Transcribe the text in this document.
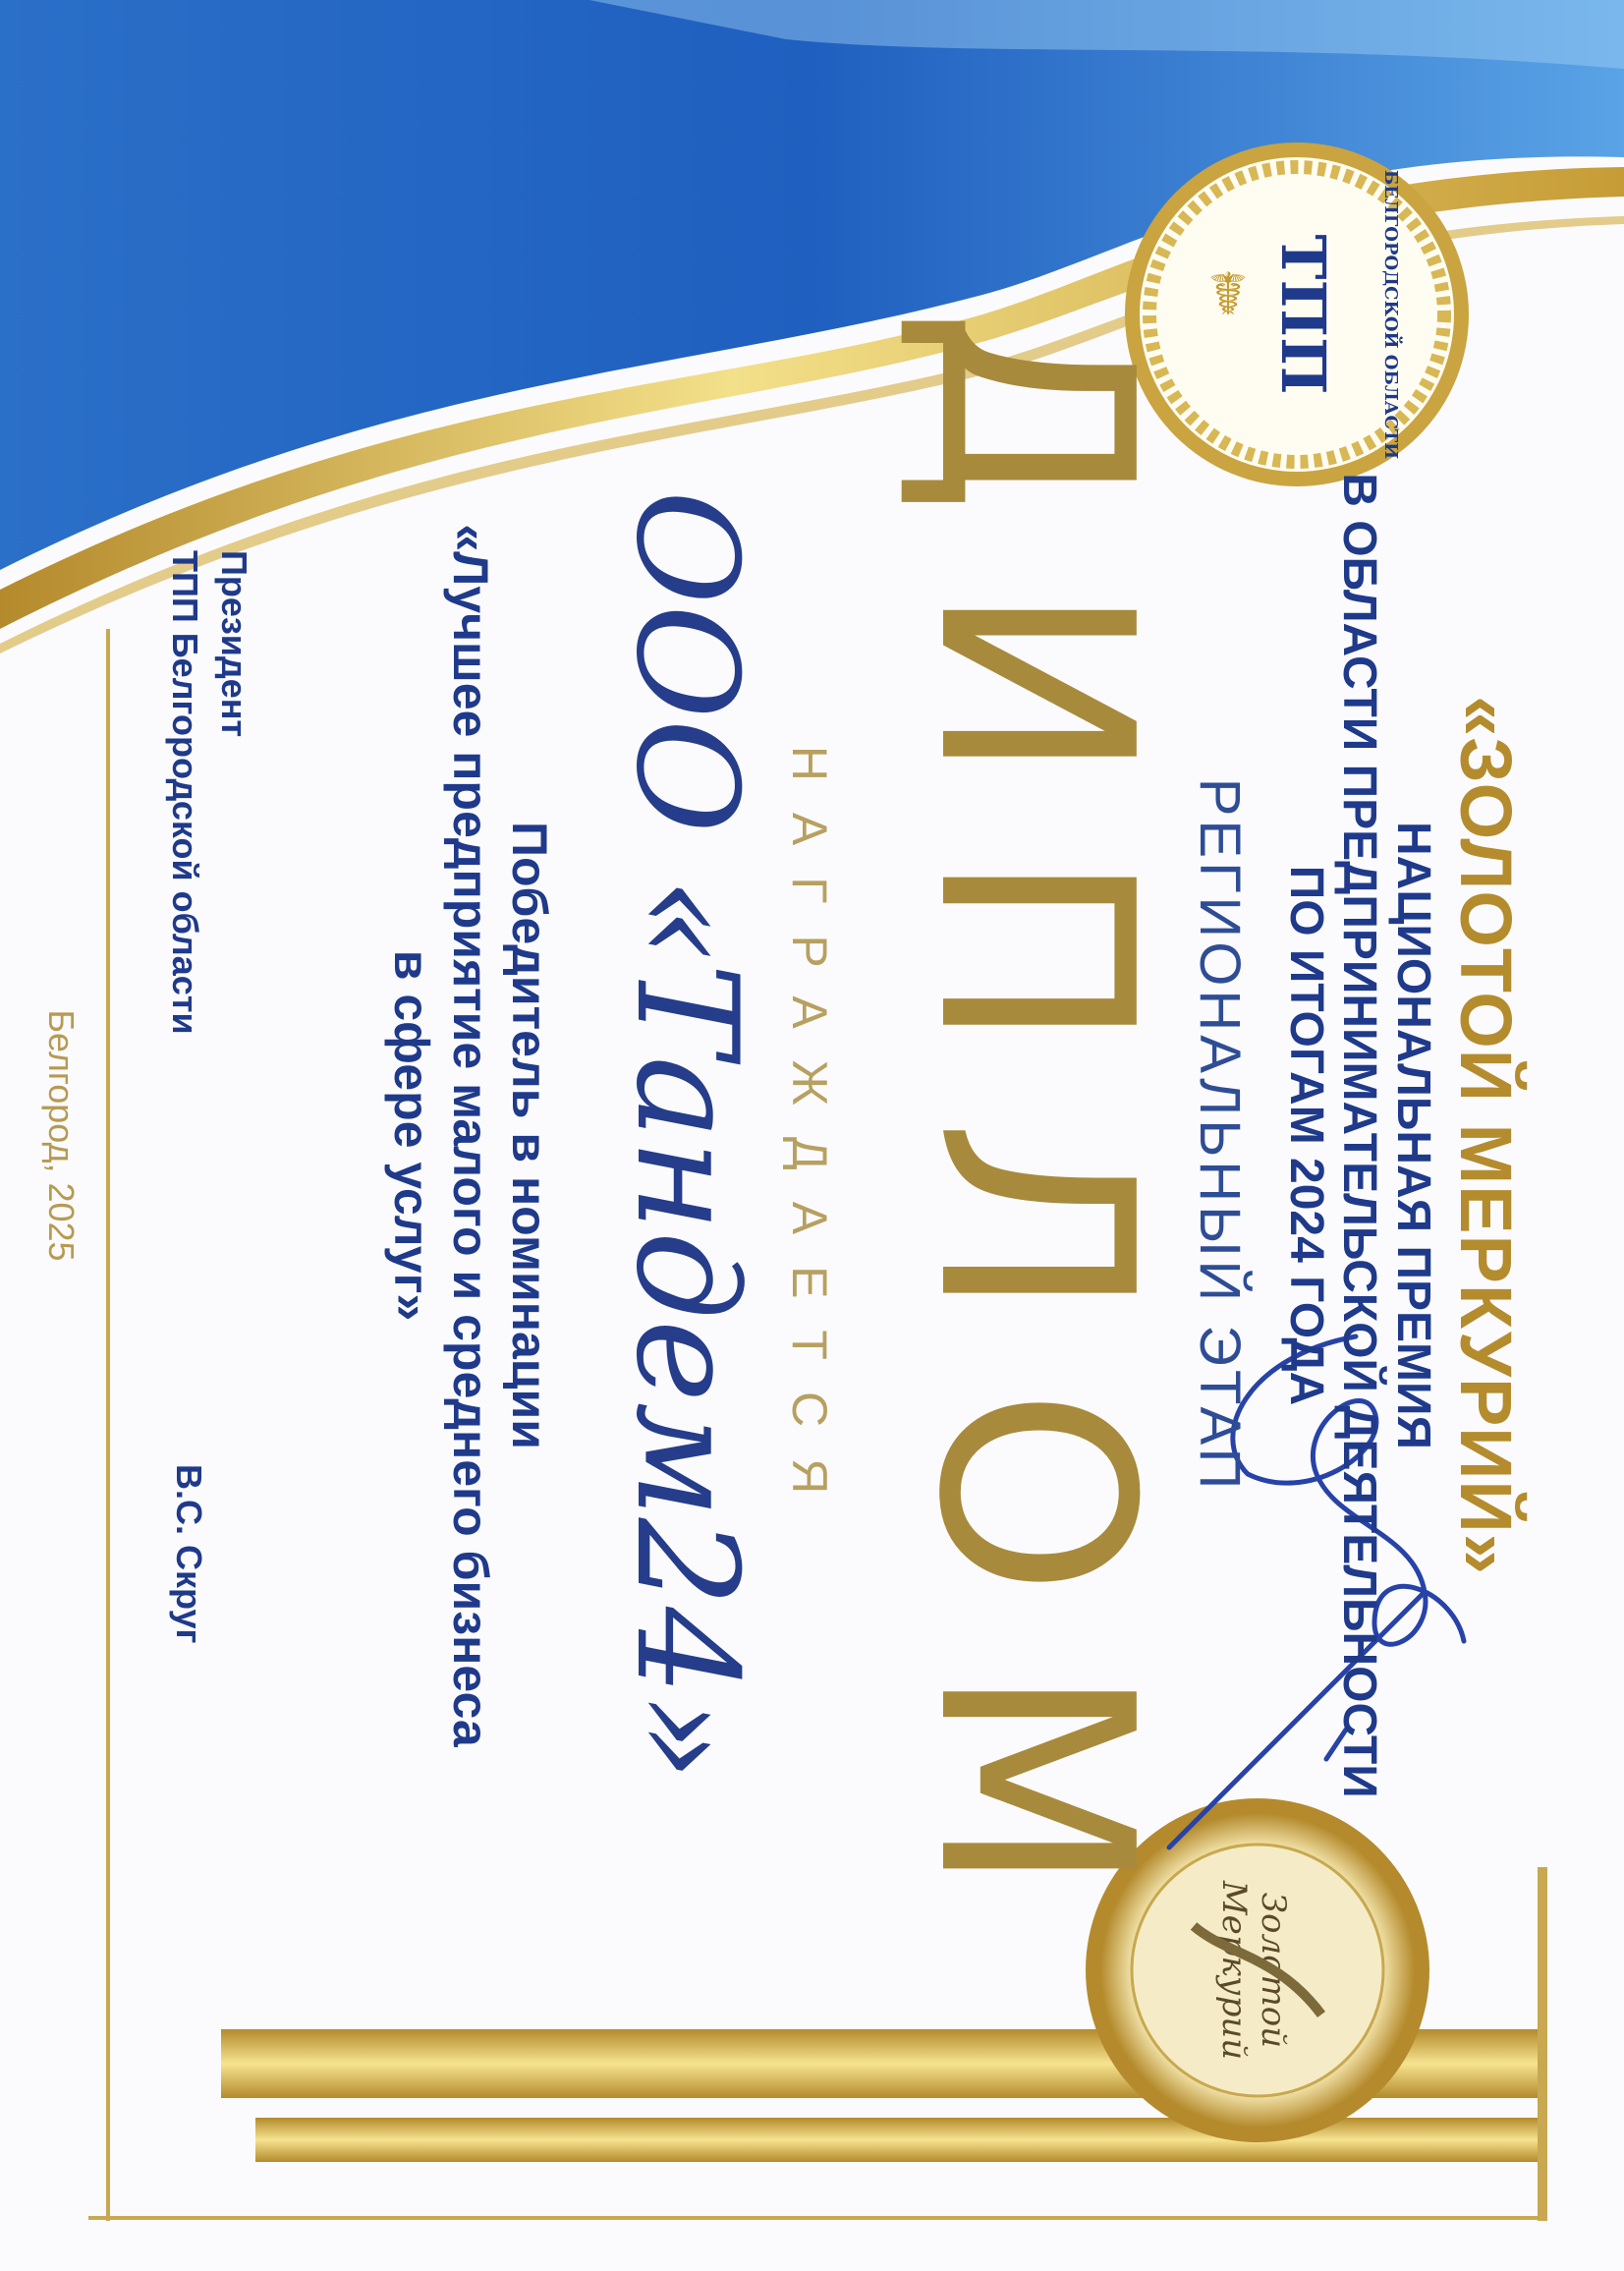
ТПП БЕЛГОРОДСКОЙ ОБЛАСТИ
☤
Золотой
Меркурий

«ЗОЛОТОЙ МЕРКУРИЙ»

НАЦИОНАЛЬНАЯ ПРЕМИЯ

В ОБЛАСТИ ПРЕДПРИНИМАТЕЛЬСКОЙ ДЕЯТЕЛЬНОСТИ

ПО ИТОГАМ 2024 ГОДА

РЕГИОНАЛЬНЫЙ ЭТАП

ДИПЛОМ

НАГРАЖДАЕТСЯ

ООО «Тандем24»

Победитель в номинации

«Лучшее предприятие малого и среднего бизнеса

в сфере услуг»

Президент
ТПП Белгородской области
В.С. Скруг
Белгород, 2025
